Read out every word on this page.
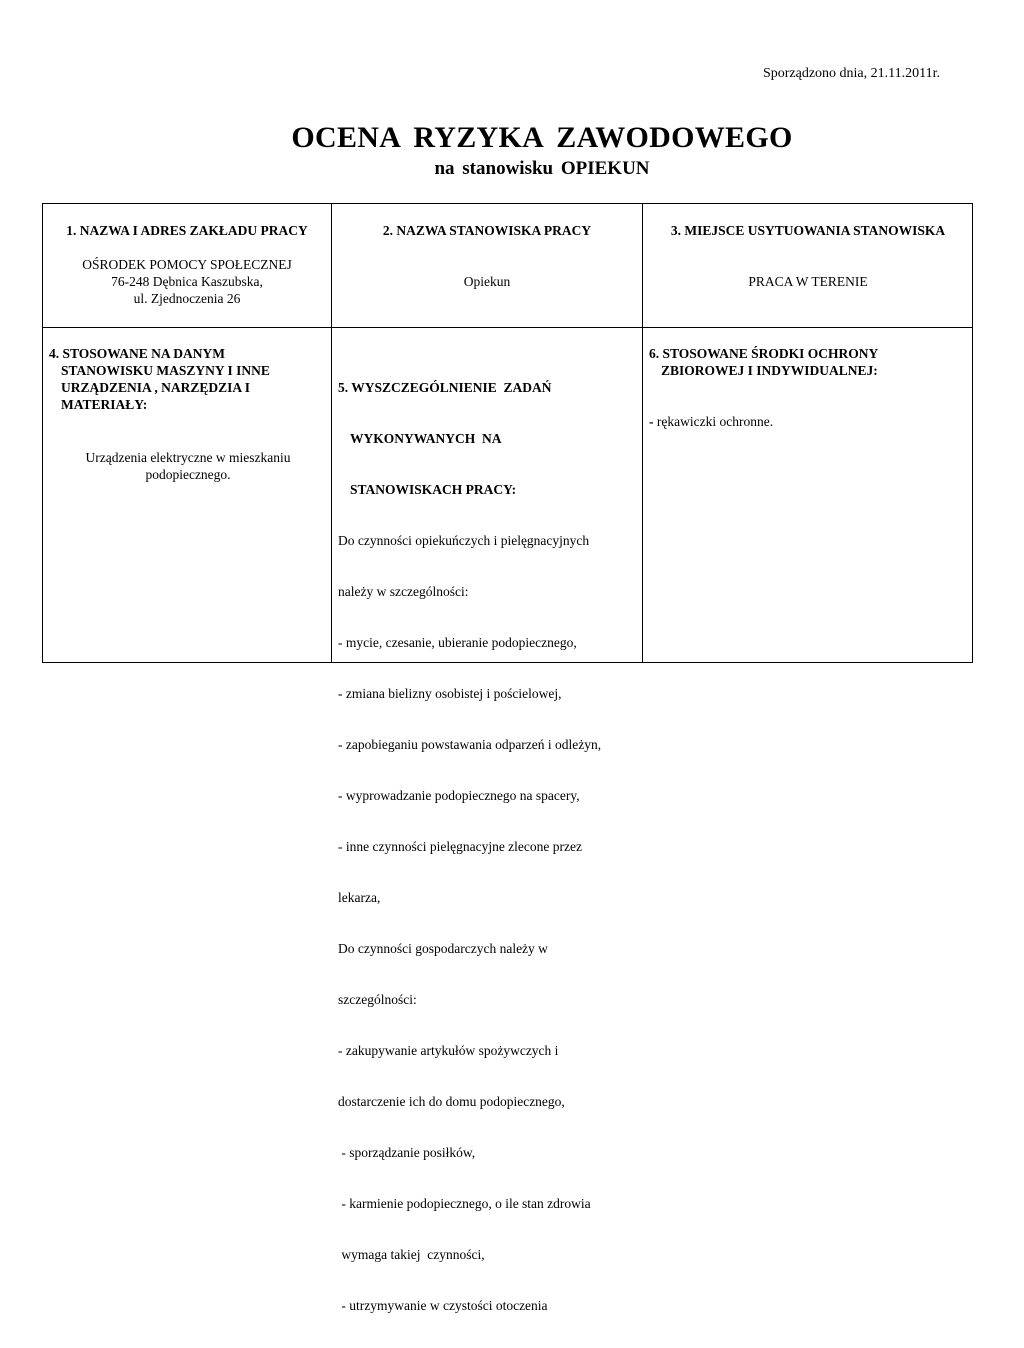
Sporządzono dnia, 21.11.2011r.
OCENA RYZYKA ZAWODOWEGO
na stanowisku OPIEKUN
1. NAZWA I ADRES ZAKŁADU PRACY
OŚRODEK POMOCY SPOŁECZNEJ
76-248 Dębnica Kaszubska,
ul. Zjednoczenia 26
2. NAZWA STANOWISKA PRACY
Opiekun
3. MIEJSCE USYTUOWANIA STANOWISKA
PRACA W TERENIE
4. STOSOWANE NA DANYM
STANOWISKU MASZYNY I INNE
URZĄDZENIA , NARZĘDZIA I
MATERIAŁY:
Urządzenia elektryczne w mieszkaniu
podopiecznego.

5. WYSZCZEGÓLNIENIE  ZADAŃ

WYKONYWANYCH  NA

STANOWISKACH PRACY:

Do czynności opiekuńczych i pielęgnacyjnych

należy w szczególności:

- mycie, czesanie, ubieranie podopiecznego,

- zmiana bielizny osobistej i pościelowej,

- zapobieganiu powstawania odparzeń i odleżyn,

- wyprowadzanie podopiecznego na spacery,

- inne czynności pielęgnacyjne zlecone przez

lekarza,

Do czynności gospodarczych należy w

szczególności:

- zakupywanie artykułów spożywczych i

dostarczenie ich do domu podopiecznego,

- sporządzanie posiłków,

- karmienie podopiecznego, o ile stan zdrowia

wymaga takiej  czynności,

- utrzymywanie w czystości otoczenia

6. STOSOWANE ŚRODKI OCHRONY
ZBIOROWEJ I INDYWIDUALNEJ:
- rękawiczki ochronne.
